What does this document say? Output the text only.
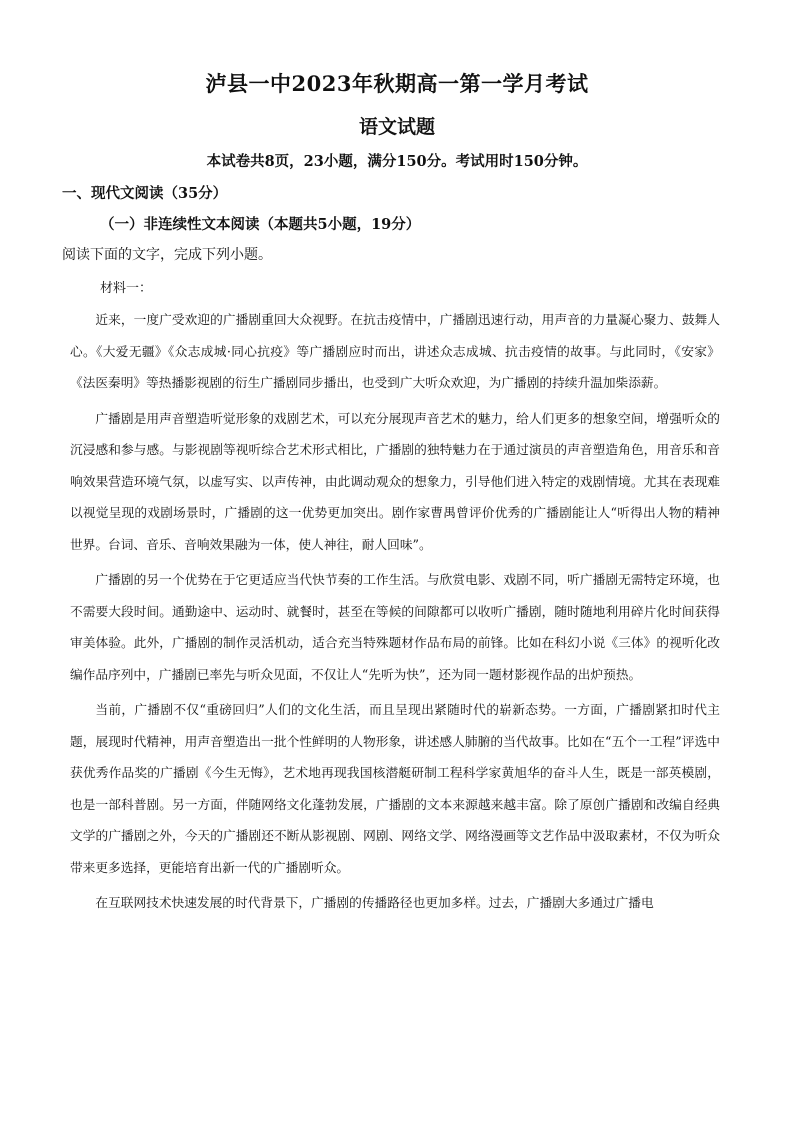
泸县一中2023年秋期高一第一学月考试
语文试题
本试卷共8页，23小题，满分150分。考试用时150分钟。
一、现代文阅读（35分）
（一）非连续性文本阅读（本题共5小题，19分）
阅读下面的文字，完成下列小题。
材料一：

近来，一度广受欢迎的广播剧重回大众视野。在抗击疫情中，广播剧迅速行动，用声音的力量凝心聚力、鼓舞人心。《大爱无疆》《众志成城·同心抗疫》等广播剧应时而出，讲述众志成城、抗击疫情的故事。与此同时，《安家》《法医秦明》等热播影视剧的衍生广播剧同步播出，也受到广大听众欢迎，为广播剧的持续升温加柴添薪。

广播剧是用声音塑造听觉形象的戏剧艺术，可以充分展现声音艺术的魅力，给人们更多的想象空间，增强听众的沉浸感和参与感。与影视剧等视听综合艺术形式相比，广播剧的独特魅力在于通过演员的声音塑造角色，用音乐和音响效果营造环境气氛，以虚写实、以声传神，由此调动观众的想象力，引导他们进入特定的戏剧情境。尤其在表现难以视觉呈现的戏剧场景时，广播剧的这一优势更加突出。剧作家曹禺曾评价优秀的广播剧能让人“听得出人物的精神世界。台词、音乐、音响效果融为一体，使人神往，耐人回味”。

广播剧的另一个优势在于它更适应当代快节奏的工作生活。与欣赏电影、戏剧不同，听广播剧无需特定环境，也不需要大段时间。通勤途中、运动时、就餐时，甚至在等候的间隙都可以收听广播剧，随时随地利用碎片化时间获得审美体验。此外，广播剧的制作灵活机动，适合充当特殊题材作品布局的前锋。比如在科幻小说《三体》的视听化改编作品序列中，广播剧已率先与听众见面，不仅让人“先听为快”，还为同一题材影视作品的出炉预热。

当前，广播剧不仅“重磅回归”人们的文化生活，而且呈现出紧随时代的崭新态势。一方面，广播剧紧扣时代主题，展现时代精神，用声音塑造出一批个性鲜明的人物形象，讲述感人肺腑的当代故事。比如在“五个一工程”评选中获优秀作品奖的广播剧《今生无悔》，艺术地再现我国核潜艇研制工程科学家黄旭华的奋斗人生，既是一部英模剧，也是一部科普剧。另一方面，伴随网络文化蓬勃发展，广播剧的文本来源越来越丰富。除了原创广播剧和改编自经典文学的广播剧之外，今天的广播剧还不断从影视剧、网剧、网络文学、网络漫画等文艺作品中汲取素材，不仅为听众带来更多选择，更能培育出新一代的广播剧听众。

在互联网技术快速发展的时代背景下，广播剧的传播路径也更加多样。过去，广播剧大多通过广播电
